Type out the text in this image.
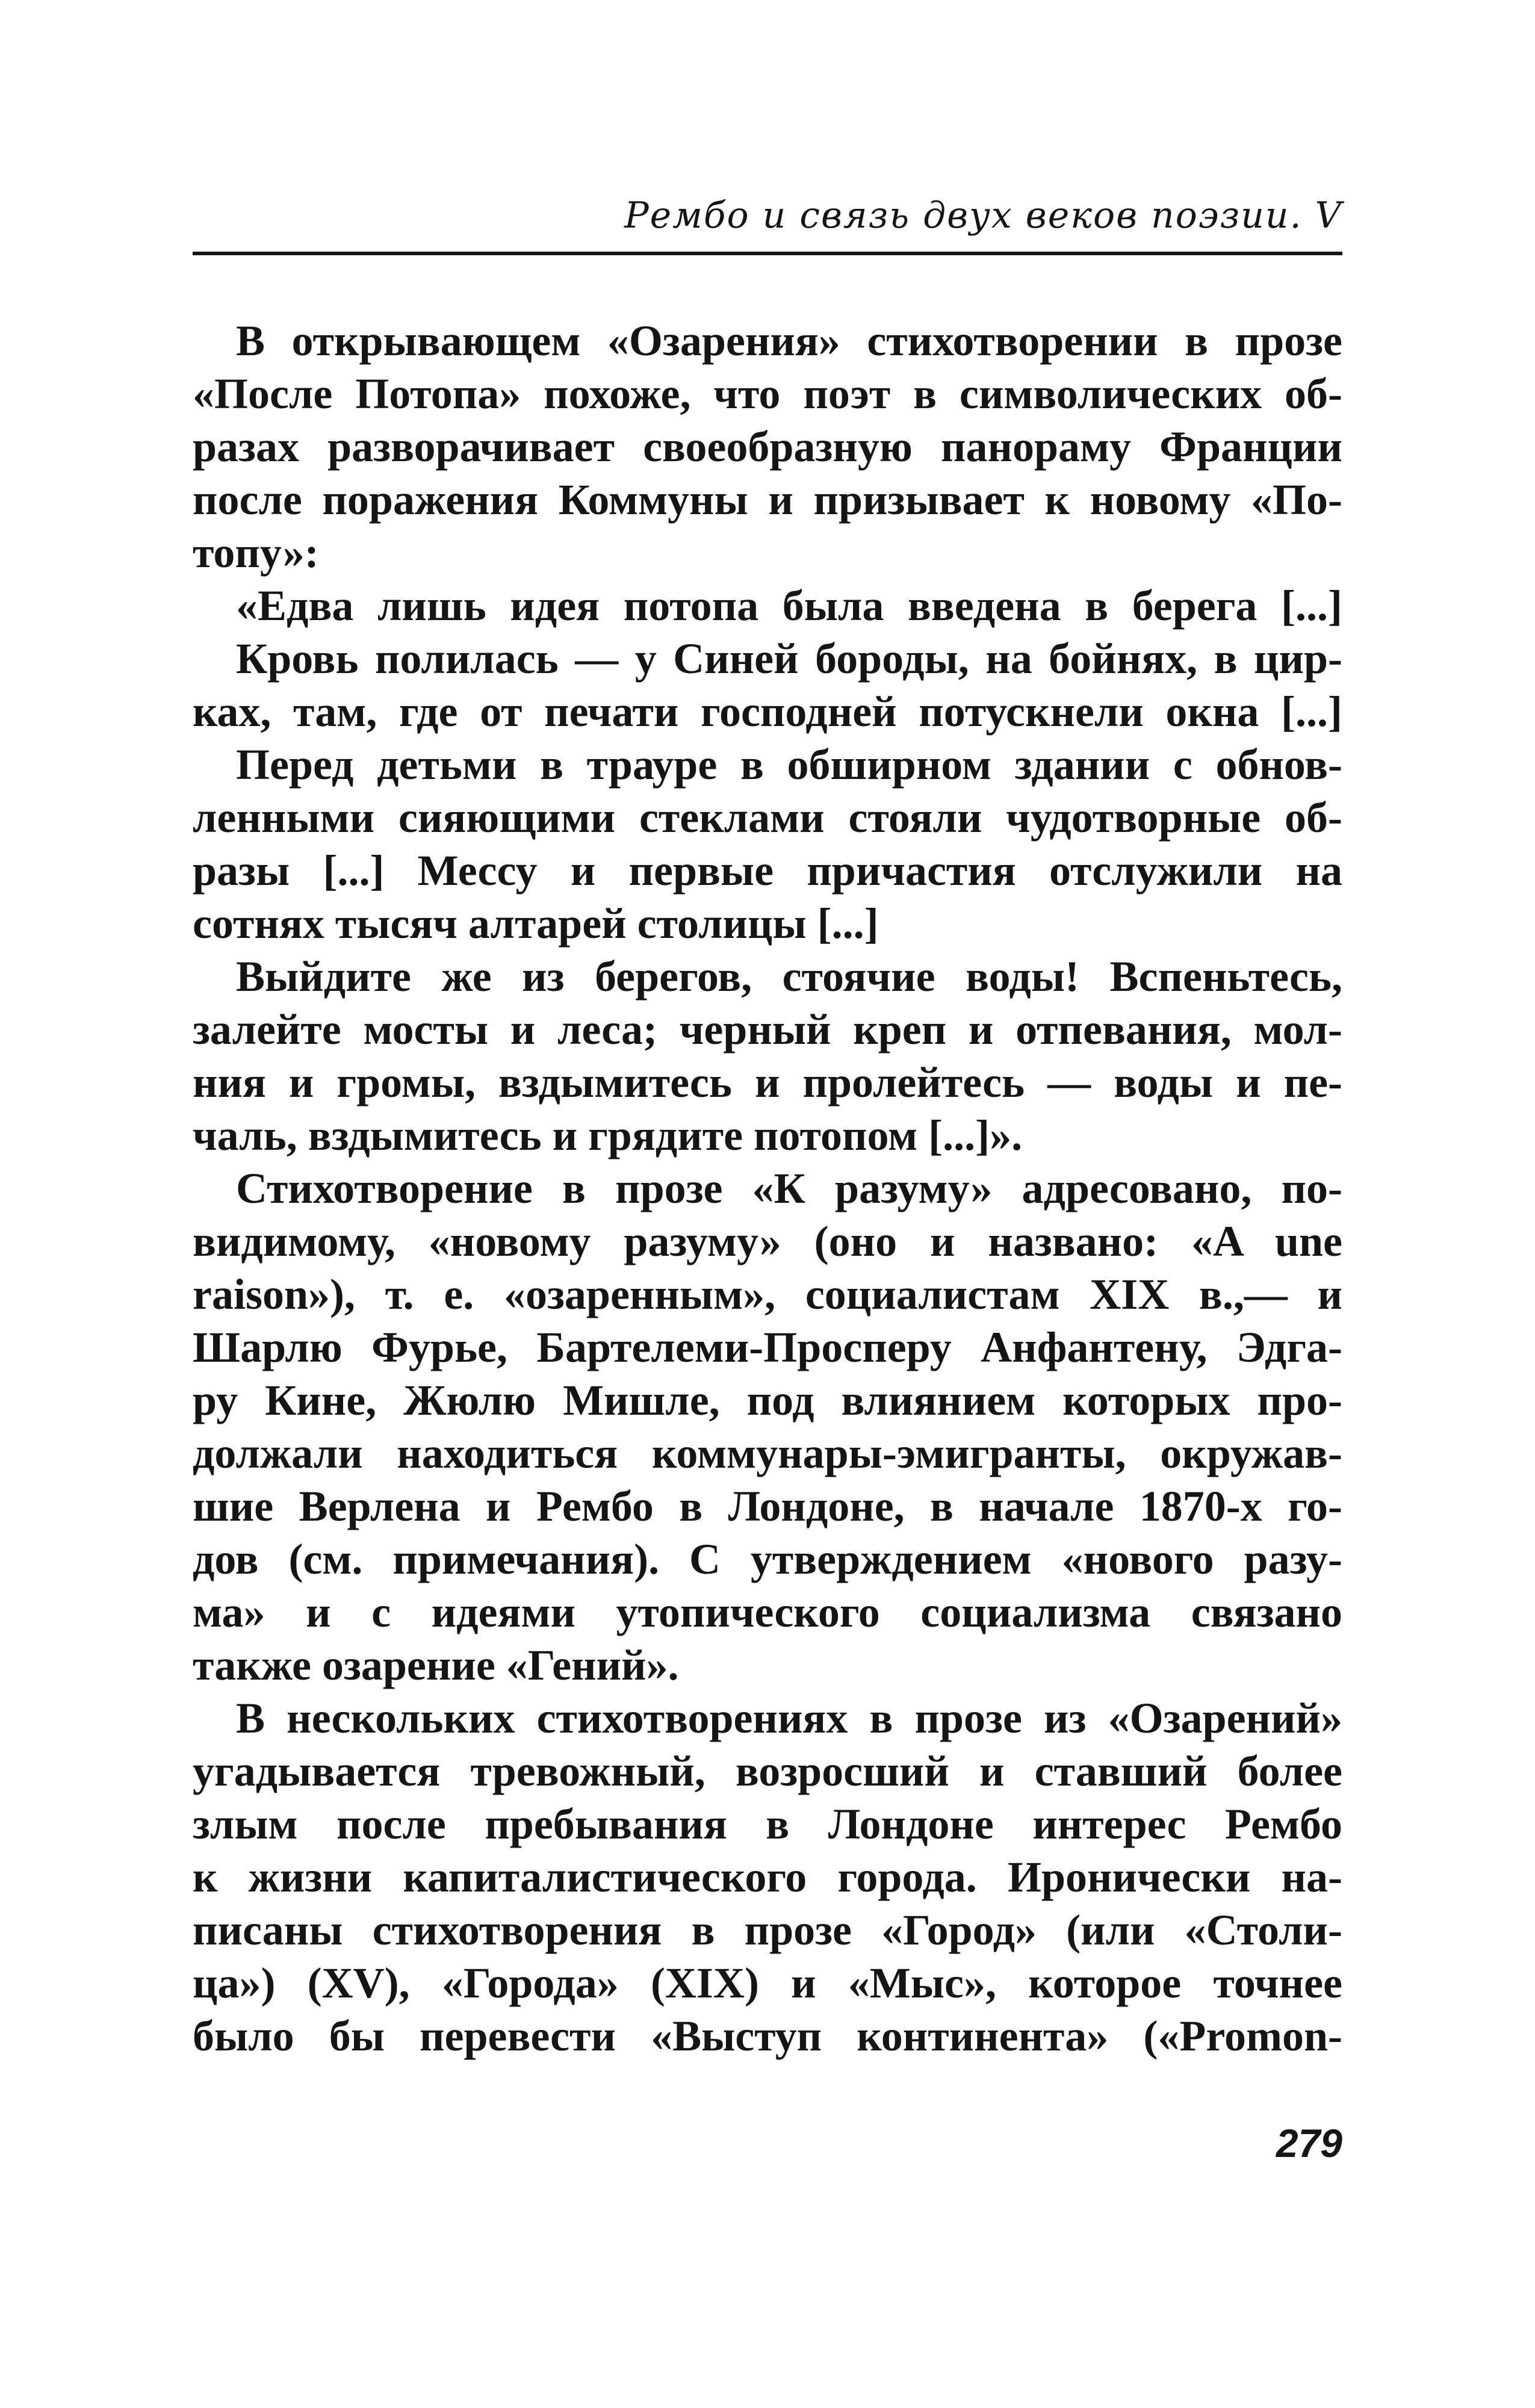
Рембо и связь двух веков поэзии. V
В открывающем «Озарения» стихотворении в прозе
«После Потопа» похоже, что поэт в символических об-
разах разворачивает своеобразную панораму Франции
после поражения Коммуны и призывает к новому «По-
топу»:
«Едва лишь идея потопа была введена в берега [...]
Кровь полилась — у Синей бороды, на бойнях, в цир-
ках, там, где от печати господней потускнели окна [...]
Перед детьми в трауре в обширном здании с обнов-
ленными сияющими стеклами стояли чудотворные об-
разы [...] Мессу и первые причастия отслужили на
сотнях тысяч алтарей столицы [...]
Выйдите же из берегов, стоячие воды! Вспеньтесь,
залейте мосты и леса; черный креп и отпевания, мол-
ния и громы, вздымитесь и пролейтесь — воды и пе-
чаль, вздымитесь и грядите потопом [...]».
Стихотворение в прозе «К разуму» адресовано, по-
видимому, «новому разуму» (оно и названо: «A une
raison»), т. е. «озаренным», социалистам XIX в.,— и
Шарлю Фурье, Бартелеми-Просперу Анфантену, Эдга-
ру Кине, Жюлю Мишле, под влиянием которых про-
должали находиться коммунары-эмигранты, окружав-
шие Верлена и Рембо в Лондоне, в начале 1870-х го-
дов (см. примечания). С утверждением «нового разу-
ма» и с идеями утопического социализма связано
также озарение «Гений».
В нескольких стихотворениях в прозе из «Озарений»
угадывается тревожный, возросший и ставший более
злым после пребывания в Лондоне интерес Рембо
к жизни капиталистического города. Иронически на-
писаны стихотворения в прозе «Город» (или «Столи-
ца») (XV), «Города» (XIX) и «Мыс», которое точнее
было бы перевести «Выступ континента» («Promon-
279
